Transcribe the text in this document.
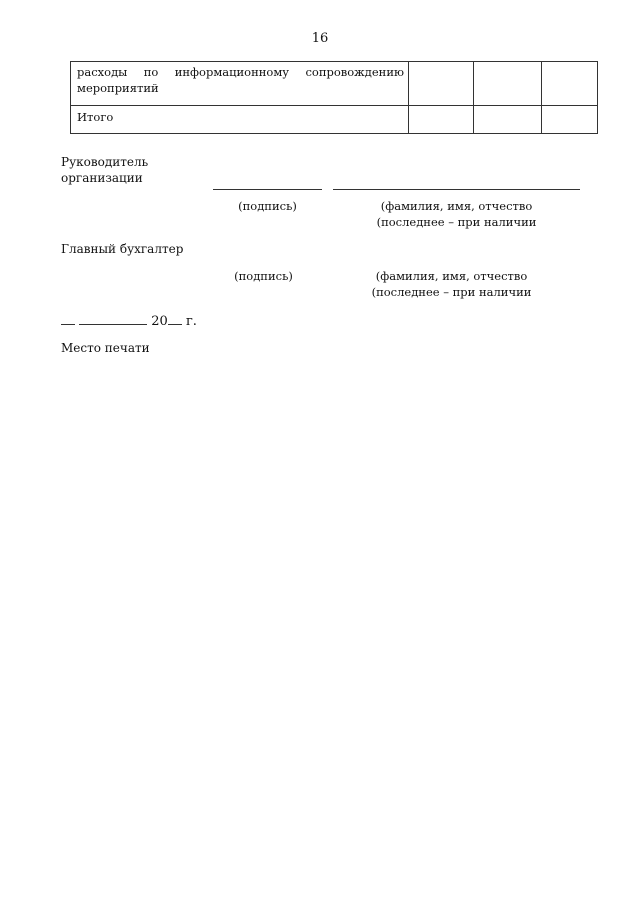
16
расходы по информационному сопровождению мероприятий			
Итого			
Руководитель
организации
(подпись)	(фамилия, имя, отчество
(последнее – при наличии
Главный бухгалтер
(подпись)	(фамилия, имя, отчество
(последнее – при наличии
20 г.
Место печати
